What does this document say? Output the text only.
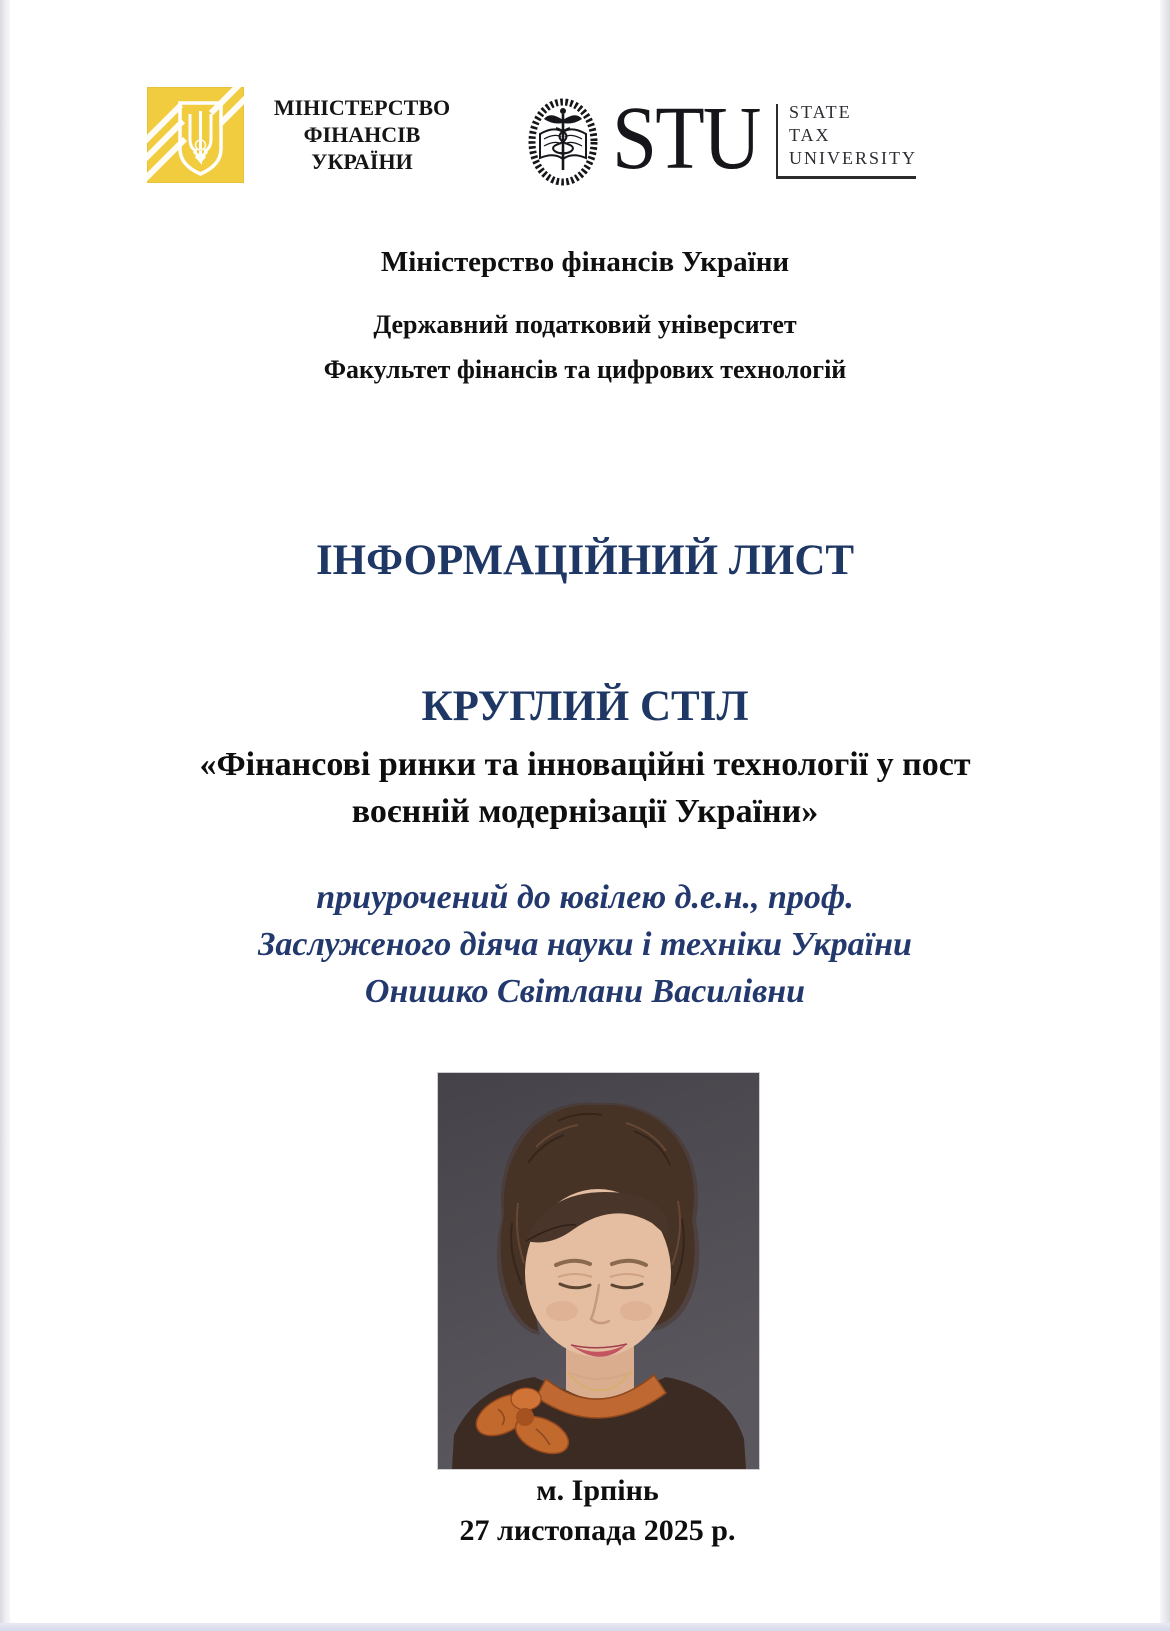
МІНІСТЕРСТВО
ФІНАНСІВ
УКРАЇНИ	STU STATE
TAX
UNIVERSITY
Міністерство фінансів України
Державний податковий університет
Факультет фінансів та цифрових технологій
ІНФОРМАЦІЙНИЙ ЛИСТ
КРУГЛИЙ СТІЛ
«Фінансові ринки та інноваційні технології у пост
воєнній модернізації України»
приурочений до ювілею д.е.н., проф.
Заслуженого діяча науки і техніки України
Онишко Світлани Василівни
м. Ірпінь
27 листопада 2025 р.
